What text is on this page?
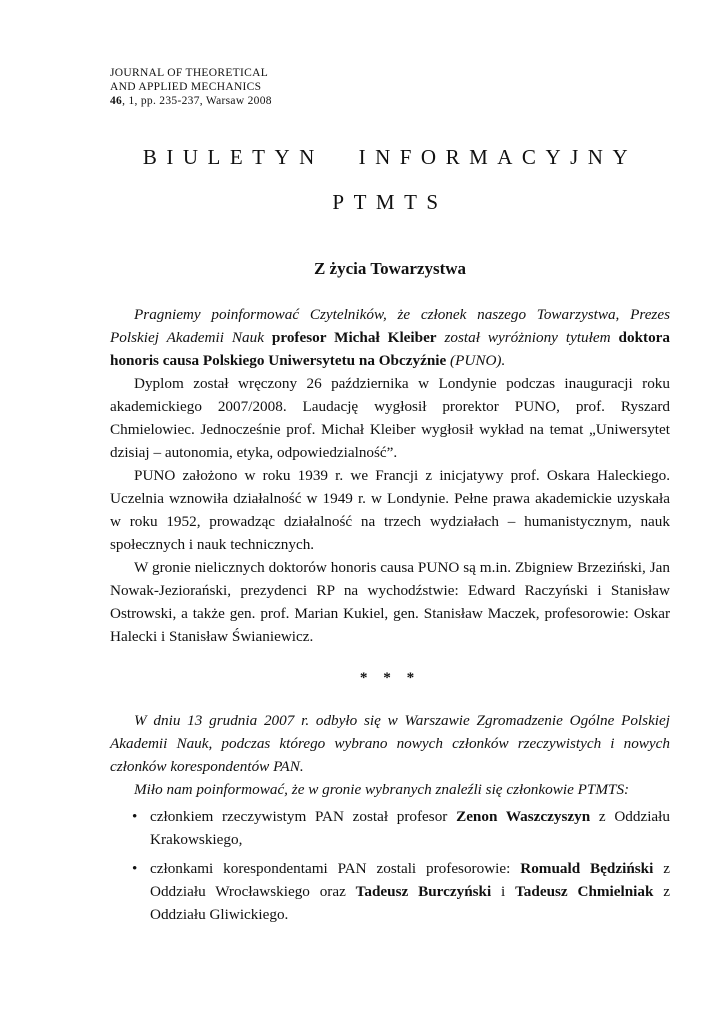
JOURNAL OF THEORETICAL
AND APPLIED MECHANICS
46, 1, pp. 235-237, Warsaw 2008
BIULETYN INFORMACYJNY
PTMTS
Z życia Towarzystwa

Pragniemy poinformować Czytelników, że członek naszego Towarzystwa, Prezes Polskiej Akademii Nauk profesor Michał Kleiber został wyróżniony tytułem doktora honoris causa Polskiego Uniwersytetu na Obczyźnie (PUNO).

Dyplom został wręczony 26 października w Londynie podczas inauguracji roku akademickiego 2007/2008. Laudację wygłosił prorektor PUNO, prof. Ryszard Chmielowiec. Jednocześnie prof. Michał Kleiber wygłosił wykład na temat „Uniwersytet dzisiaj – autonomia, etyka, odpowiedzialność”.

PUNO założono w roku 1939 r. we Francji z inicjatywy prof. Oskara Haleckiego. Uczelnia wznowiła działalność w 1949 r. w Londynie. Pełne prawa akademickie uzyskała w roku 1952, prowadząc działalność na trzech wydziałach – humanistycznym, nauk społecznych i nauk technicznych.

W gronie nielicznych doktorów honoris causa PUNO są m.in. Zbigniew Brzeziński, Jan Nowak-Jeziorański, prezydenci RP na wychodźstwie: Edward Raczyński i Stanisław Ostrowski, a także gen. prof. Marian Kukiel, gen. Stanisław Maczek, profesorowie: Oskar Halecki i Stanisław Świaniewicz.

* * *

W dniu 13 grudnia 2007 r. odbyło się w Warszawie Zgromadzenie Ogólne Polskiej Akademii Nauk, podczas którego wybrano nowych członków rzeczywistych i nowych członków korespondentów PAN.

Miło nam poinformować, że w gronie wybranych znaleźli się członkowie PTMTS:

• członkiem rzeczywistym PAN został profesor Zenon Waszczyszyn z Oddziału Krakowskiego,
• członkami korespondentami PAN zostali profesorowie: Romuald Będziński z Oddziału Wrocławskiego oraz Tadeusz Burczyński i Tadeusz Chmielniak z Oddziału Gliwickiego.
